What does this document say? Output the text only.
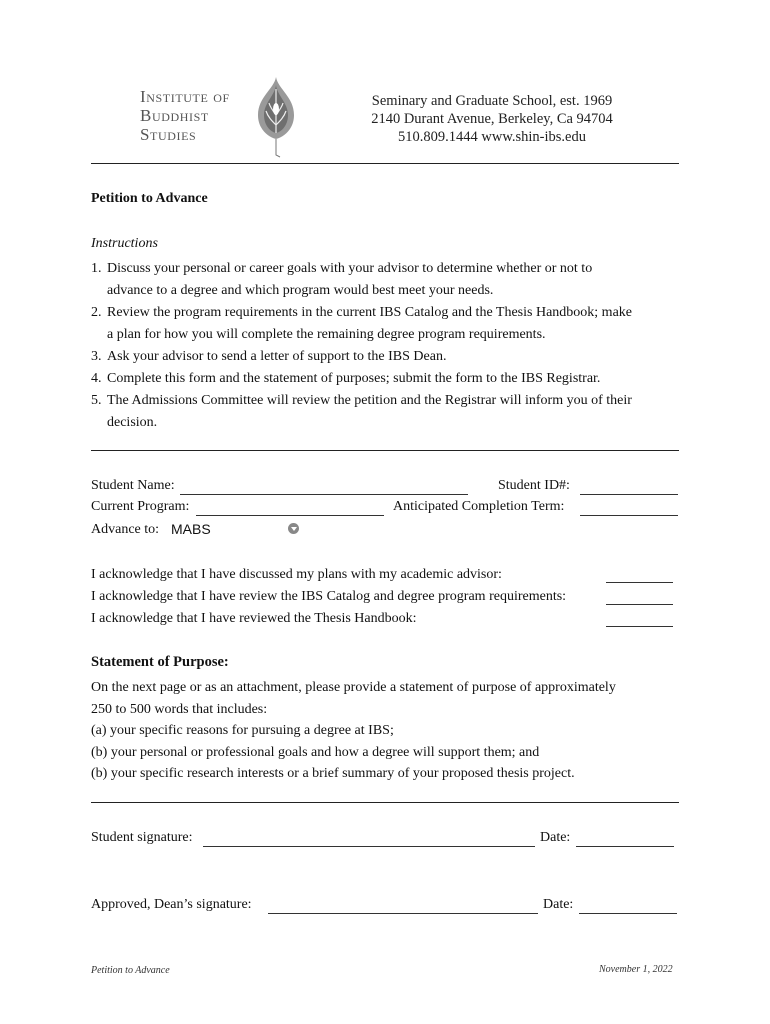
Institute of
Buddhist
Studies
Seminary and Graduate School, est. 1969
2140 Durant Avenue, Berkeley, Ca 94704
510.809.1444 www.shin-ibs.edu
Petition to Advance
Instructions
1. Discuss your personal or career goals with your advisor to determine whether or not to
advance to a degree and which program would best meet your needs.
2. Review the program requirements in the current IBS Catalog and the Thesis Handbook; make
a plan for how you will complete the remaining degree program requirements.
3. Ask your advisor to send a letter of support to the IBS Dean.
4. Complete this form and the statement of purposes; submit the form to the IBS Registrar.
5. The Admissions Committee will review the petition and the Registrar will inform you of their
decision.
Student Name:	Student ID#:
Current Program:	Anticipated Completion Term:
Advance to: MABS
I acknowledge that I have discussed my plans with my academic advisor:
I acknowledge that I have review the IBS Catalog and degree program requirements:
I acknowledge that I have reviewed the Thesis Handbook:
Statement of Purpose:
On the next page or as an attachment, please provide a statement of purpose of approximately
250 to 500 words that includes:
(a) your specific reasons for pursuing a degree at IBS;
(b) your personal or professional goals and how a degree will support them; and
(b) your specific research interests or a brief summary of your proposed thesis project.
Student signature:	Date:
Approved, Dean’s signature:	Date:
Petition to Advance	November 1, 2022
